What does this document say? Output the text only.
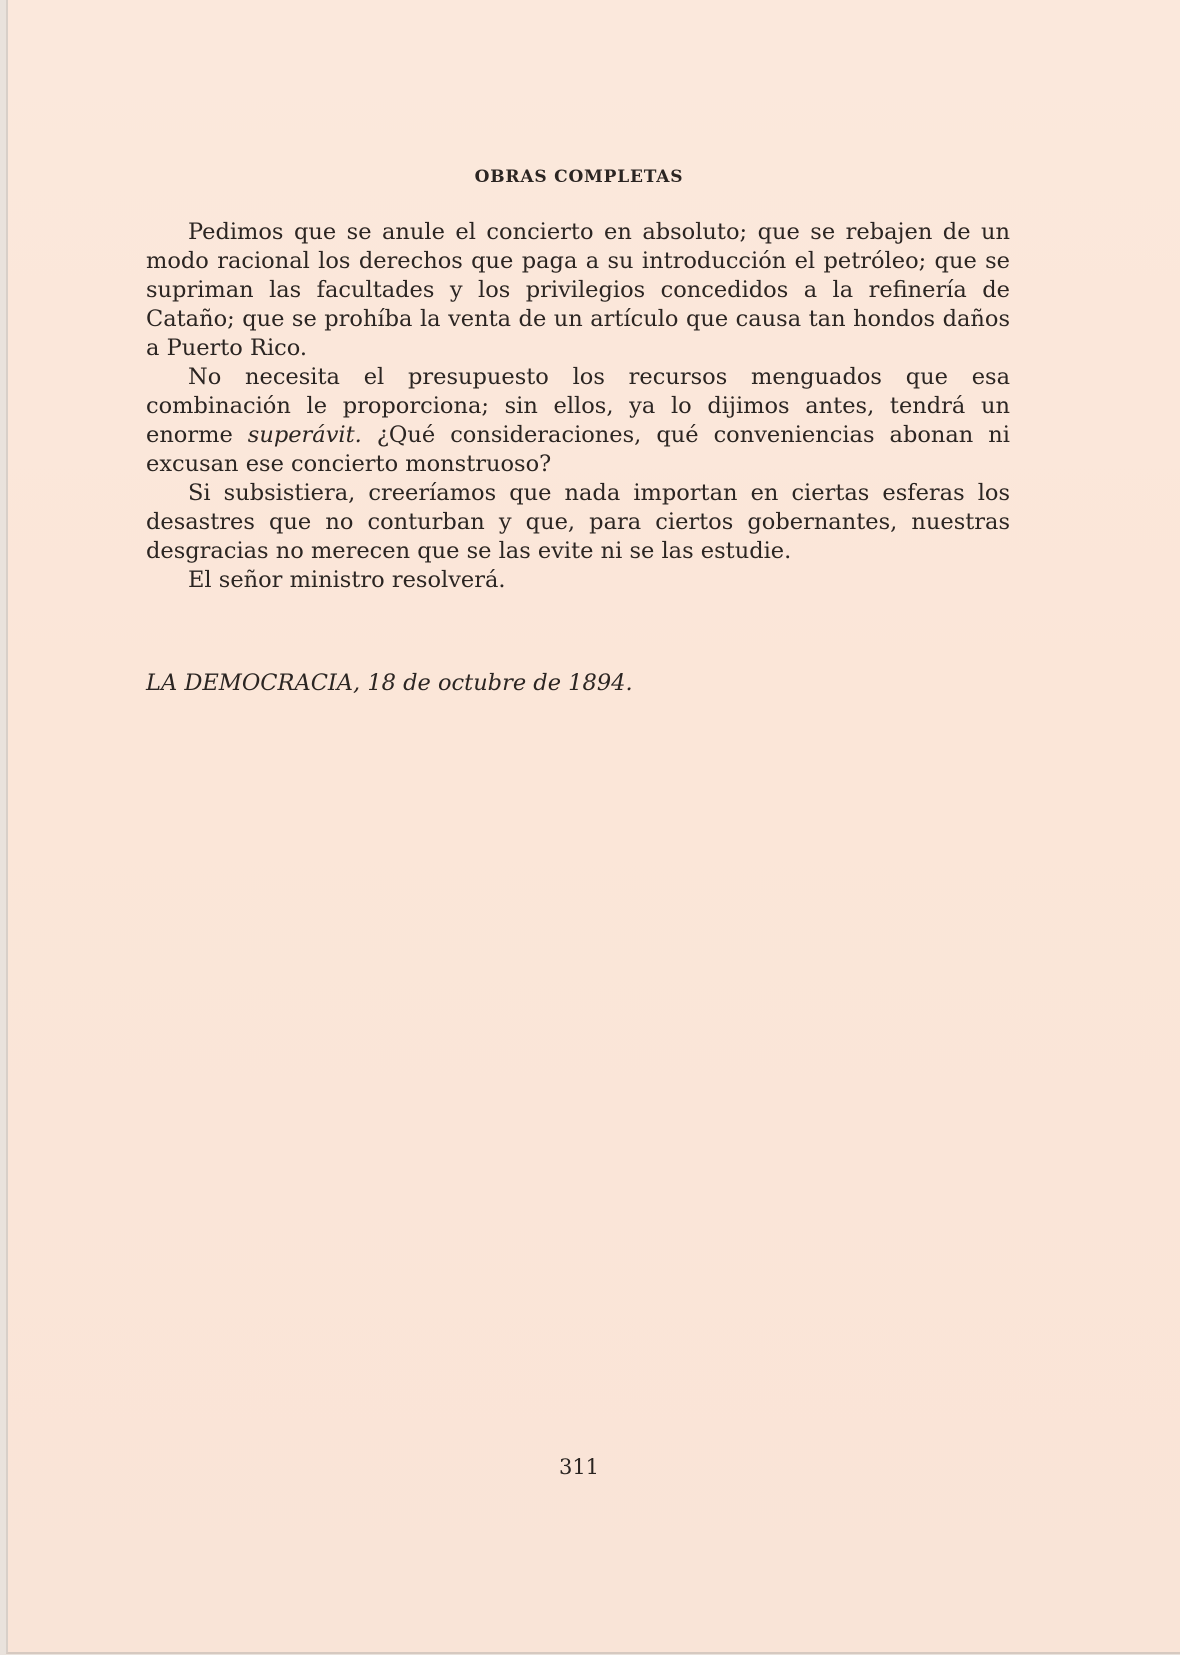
OBRAS COMPLETAS

Pedimos que se anule el concierto en absoluto; que se rebajen de un modo racional los derechos que paga a su introducción el petróleo; que se supriman las facultades y los privilegios concedidos a la refinería de Cataño; que se prohíba la venta de un artículo que causa tan hondos daños a Puerto Rico.

No necesita el presupuesto los recursos menguados que esa combinación le proporciona; sin ellos, ya lo dijimos antes, tendrá un enorme superávit. ¿Qué consideraciones, qué conveniencias abonan ni excusan ese concierto monstruoso?

Si subsistiera, creeríamos que nada importan en ciertas esferas los desastres que no conturban y que, para ciertos gobernantes, nuestras desgracias no merecen que se las evite ni se las estudie.

El señor ministro resolverá.

LA DEMOCRACIA, 18 de octubre de 1894.

311
